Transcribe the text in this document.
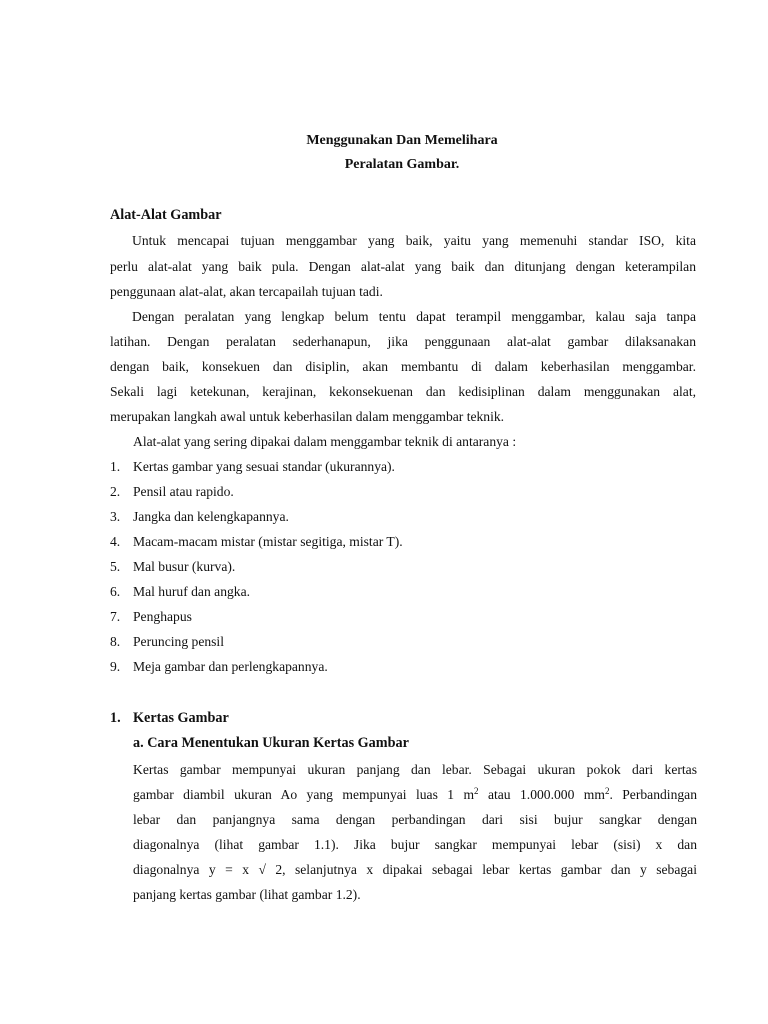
Menggunakan Dan Memelihara
Peralatan Gambar.
Alat-Alat Gambar
Untuk mencapai tujuan menggambar yang baik, yaitu yang memenuhi standar ISO, kita
perlu alat-alat yang baik pula. Dengan alat-alat yang baik dan ditunjang dengan keterampilan
penggunaan alat-alat, akan tercapailah tujuan tadi.
Dengan peralatan yang lengkap belum tentu dapat terampil menggambar, kalau saja tanpa
latihan. Dengan peralatan sederhanapun, jika penggunaan alat-alat gambar dilaksanakan
dengan baik, konsekuen dan disiplin, akan membantu di dalam keberhasilan menggambar.
Sekali lagi ketekunan, kerajinan, kekonsekuenan dan kedisiplinan dalam menggunakan alat,
merupakan langkah awal untuk keberhasilan dalam menggambar teknik.
Alat-alat yang sering dipakai dalam menggambar teknik di antaranya :
1. Kertas gambar yang sesuai standar (ukurannya).
2. Pensil atau rapido.
3. Jangka dan kelengkapannya.
4. Macam-macam mistar (mistar segitiga, mistar T).
5. Mal busur (kurva).
6. Mal huruf dan angka.
7. Penghapus
8. Peruncing pensil
9. Meja gambar dan perlengkapannya.
1. Kertas Gambar
a. Cara Menentukan Ukuran Kertas Gambar
Kertas gambar mempunyai ukuran panjang dan lebar. Sebagai ukuran pokok dari kertas
gambar diambil ukuran Ao yang mempunyai luas 1 $m^2$ atau 1.000.000 $mm^2$. Perbandingan
lebar dan panjangnya sama dengan perbandingan dari sisi bujur sangkar dengan
diagonalnya (lihat gambar 1.1). Jika bujur sangkar mempunyai lebar (sisi) x dan
diagonalnya y = x √ 2, selanjutnya x dipakai sebagai lebar kertas gambar dan y sebagai
panjang kertas gambar (lihat gambar 1.2).
